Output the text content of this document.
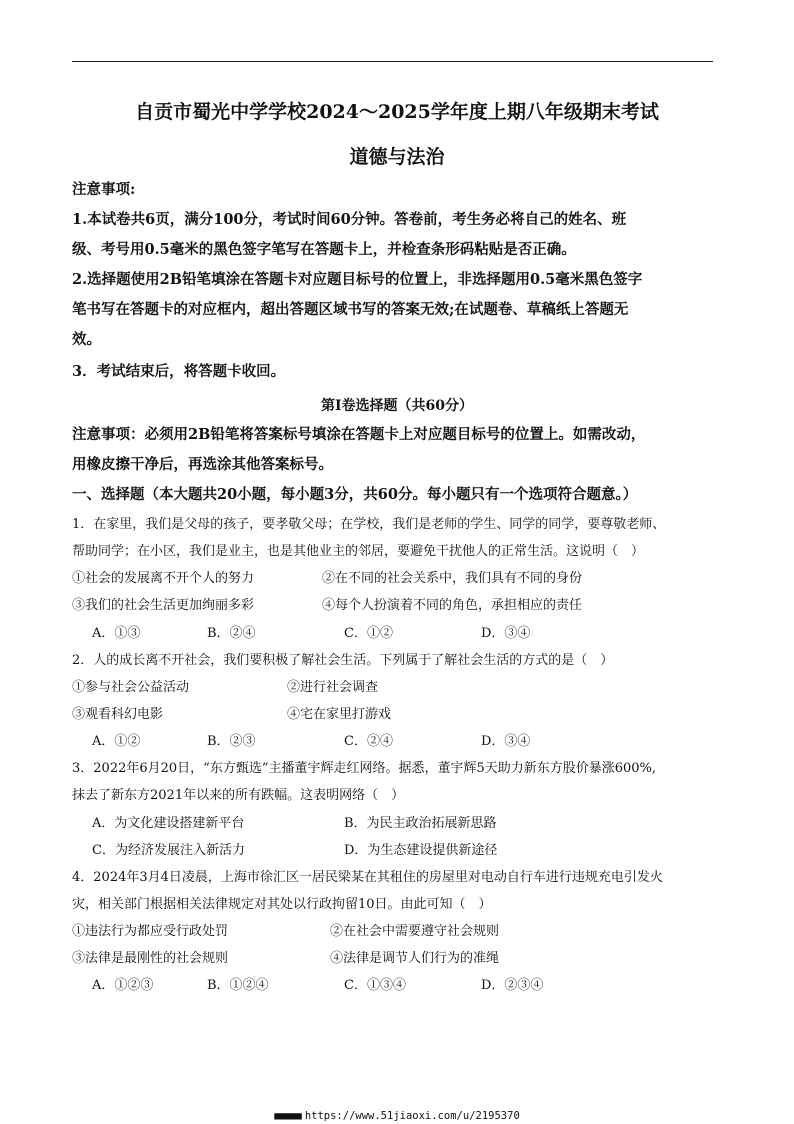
自贡市蜀光中学学校2024～2025学年度上期八年级期末考试
道德与法治
注意事项:
1.本试卷共6页，满分100分，考试时间60分钟。答卷前，考生务必将自己的姓名、班
级、考号用0.5毫米的黑色签字笔写在答题卡上，并检查条形码粘贴是否正确。
2.选择题使用2B铅笔填涂在答题卡对应题目标号的位置上，非选择题用0.5毫米黑色签字
笔书写在答题卡的对应框内，超出答题区域书写的答案无效;在试题卷、草稿纸上答题无
效。
3．考试结束后，将答题卡收回。
第Ⅰ卷选择题（共60分）
注意事项：必须用2B铅笔将答案标号填涂在答题卡上对应题目标号的位置上。如需改动，
用橡皮擦干净后，再选涂其他答案标号。
一、选择题（本大题共20小题，每小题3分，共60分。每小题只有一个选项符合题意。）
1．在家里，我们是父母的孩子，要孝敬父母；在学校，我们是老师的学生、同学的同学，要尊敬老师、
帮助同学；在小区，我们是业主，也是其他业主的邻居，要避免干扰他人的正常生活。这说明（　）
①社会的发展离不开个人的努力	②在不同的社会关系中，我们具有不同的身份
③我们的社会生活更加绚丽多彩	④每个人扮演着不同的角色，承担相应的责任
A．①③	B．②④	C．①②	D．③④
2．人的成长离不开社会，我们要积极了解社会生活。下列属于了解社会生活的方式的是（　）
①参与社会公益活动	②进行社会调查
③观看科幻电影	④宅在家里打游戏
A．①②	B．②③	C．②④	D．③④
3．2022年6月20日，“东方甄选”主播董宇辉走红网络。据悉，董宇辉5天助力新东方股价暴涨600%,
抹去了新东方2021年以来的所有跌幅。这表明网络（　）
A．为文化建设搭建新平台	B．为民主政治拓展新思路
C．为经济发展注入新活力	D．为生态建设提供新途径
4．2024年3月4日凌晨，上海市徐汇区一居民梁某在其租住的房屋里对电动自行车进行违规充电引发火
灾，相关部门根据相关法律规定对其处以行政拘留10日。由此可知（　）
①违法行为都应受行政处罚	②在社会中需要遵守社会规则
③法律是最刚性的社会规则	④法律是调节人们行为的准绳
A．①②③	B．①②④	C．①③④	D．②③④
■■■■■ https://www.51jiaoxi.com/u/2195370
